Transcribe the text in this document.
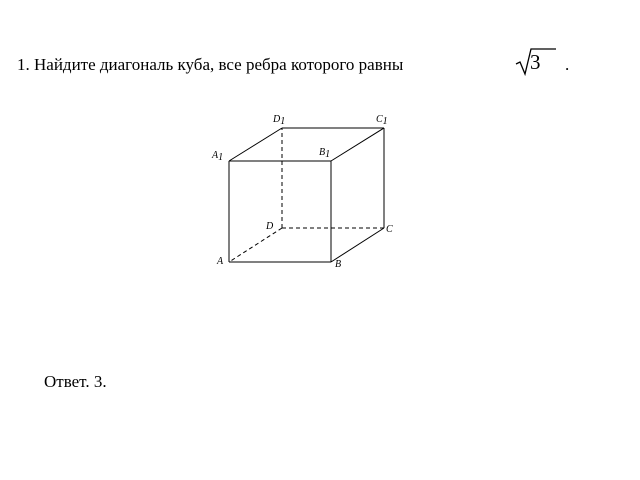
1. Найдите диагональ куба, все ребра которого равны	3 .
D1	C1
A1	B1
D	C
A	B
Ответ. 3.
